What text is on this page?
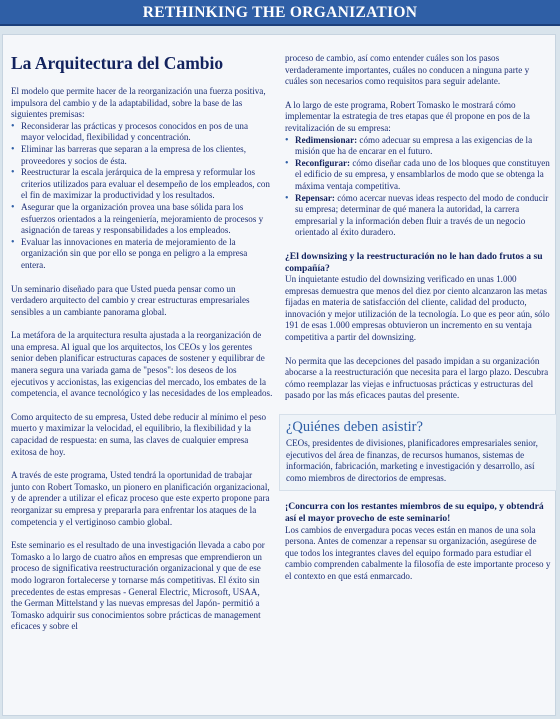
RETHINKING THE ORGANIZATION
La Arquitectura del Cambio

El modelo que permite hacer de la reorganización una fuerza positiva, impulsora del cambio y de la adaptabilidad, sobre la base de las siguientes premisas:

• Reconsiderar las prácticas y procesos conocidos en pos de una mayor velocidad, flexibilidad y concentración.
• Eliminar las barreras que separan a la empresa de los clientes, proveedores y socios de ésta.
• Reestructurar la escala jerárquica de la empresa y reformular los criterios utilizados para evaluar el desempeño de los empleados, con el fin de maximizar la productividad y los resultados.
• Asegurar que la organización provea una base sólida para los esfuerzos orientados a la reingeniería, mejoramiento de procesos y asignación de tareas y responsabilidades a los empleados.
• Evaluar las innovaciones en materia de mejoramiento de la organización sin que por ello se ponga en peligro a la empresa entera.

Un seminario diseñado para que Usted pueda pensar como un verdadero arquitecto del cambio y crear estructuras empresariales sensibles a un cambiante panorama global.

La metáfora de la arquitectura resulta ajustada a la reorganización de una empresa. Al igual que los arquitectos, los CEOs y los gerentes senior deben planificar estructuras capaces de sostener y equilibrar de manera segura una variada gama de "pesos": los deseos de los ejecutivos y accionistas, las exigencias del mercado, los embates de la competencia, el avance tecnológico y las necesidades de los empleados.

Como arquitecto de su empresa, Usted debe reducir al mínimo el peso muerto y maximizar la velocidad, el equilibrio, la flexibilidad y la capacidad de respuesta: en suma, las claves de cualquier empresa exitosa de hoy.

A través de este programa, Usted tendrá la oportunidad de trabajar junto con Robert Tomasko, un pionero en planificación organizacional, y de aprender a utilizar el eficaz proceso que este experto propone para reorganizar su empresa y prepararla para enfrentar los ataques de la competencia y el vertiginoso cambio global.

Este seminario es el resultado de una investigación llevada a cabo por Tomasko a lo largo de cuatro años en empresas que emprendieron un proceso de significativa reestructuración organizacional y que de ese modo lograron fortalecerse y tornarse más competitivas. El éxito sin precedentes de estas empresas - General Electric, Microsoft, USAA, the German Mittelstand y las nuevas empresas del Japón- permitió a Tomasko adquirir sus conocimientos sobre prácticas de management eficaces y sobre el

proceso de cambio, así como entender cuáles son los pasos verdaderamente importantes, cuáles no conducen a ninguna parte y cuáles son necesarios como requisitos para seguir adelante.

A lo largo de este programa, Robert Tomasko le mostrará cómo implementar la estrategia de tres etapas que él propone en pos de la revitalización de su empresa:

• Redimensionar: cómo adecuar su empresa a las exigencias de la misión que ha de encarar en el futuro.
• Reconfigurar: cómo diseñar cada uno de los bloques que constituyen el edificio de su empresa, y ensamblarlos de modo que se obtenga la máxima ventaja competitiva.
• Repensar: cómo acercar nuevas ideas respecto del modo de conducir su empresa; determinar de qué manera la autoridad, la carrera empresarial y la información deben fluir a través de un negocio orientado al éxito duradero.
¿El downsizing y la reestructuración no le han dado frutos a su compañía?

Un inquietante estudio del downsizing verificado en unas 1.000 empresas demuestra que menos del diez por ciento alcanzaron las metas fijadas en materia de satisfacción del cliente, calidad del producto, innovación y mejor utilización de la tecnología. Lo que es peor aún, sólo 191 de esas 1.000 empresas obtuvieron un incremento en su ventaja competitiva a partir del downsizing.

No permita que las decepciones del pasado impidan a su organización abocarse a la reestructuración que necesita para el largo plazo. Descubra cómo reemplazar las viejas e infructuosas prácticas y estructuras del pasado por las más eficaces pautas del presente.

¿Quiénes deben asistir?

CEOs, presidentes de divisiones, planificadores empresariales senior, ejecutivos del área de finanzas, de recursos humanos, sistemas de información, fabricación, marketing e investigación y desarrollo, así como miembros de directorios de empresas.

¡Concurra con los restantes miembros de su equipo, y obtendrá así el mayor provecho de este seminario!

Los cambios de envergadura pocas veces están en manos de una sola persona. Antes de comenzar a repensar su organización, asegúrese de que todos los integrantes claves del equipo formado para estudiar el cambio comprenden cabalmente la filosofía de este importante proceso y el contexto en que está enmarcado.
